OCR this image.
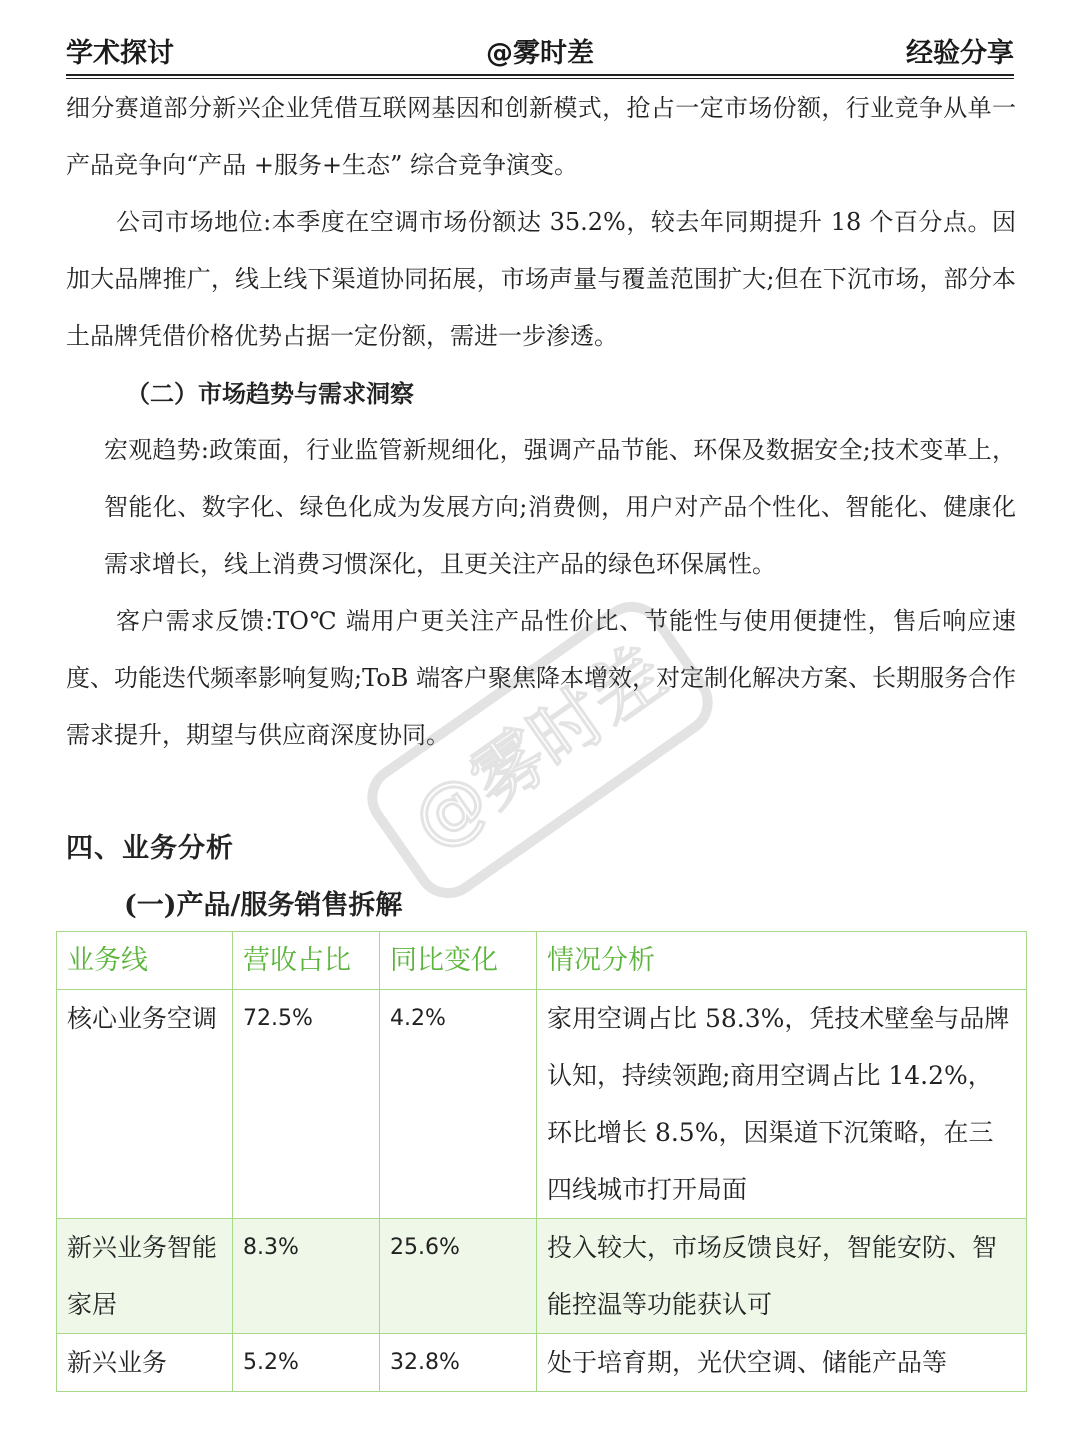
学术探讨	@雾时差	经验分享

细分赛道部分新兴企业凭借互联网基因和创新模式，抢占一定市场份额，行业竞争从单一产品竞争向“产品 +服务+生态” 综合竞争演变。

公司市场地位:本季度在空调市场份额达 35.2%，较去年同期提升 18 个百分点。因加大品牌推广，线上线下渠道协同拓展，市场声量与覆盖范围扩大;但在下沉市场，部分本土品牌凭借价格优势占据一定份额，需进一步渗透。

（二）市场趋势与需求洞察

宏观趋势:政策面，行业监管新规细化，强调产品节能、环保及数据安全;技术变革上，智能化、数字化、绿色化成为发展方向;消费侧，用户对产品个性化、智能化、健康化需求增长，线上消费习惯深化，且更关注产品的绿色环保属性。

客户需求反馈:TO℃ 端用户更关注产品性价比、节能性与使用便捷性，售后响应速度、功能迭代频率影响复购;ToB 端客户聚焦降本增效，对定制化解决方案、长期服务合作需求提升，期望与供应商深度协同。

四、业务分析
(一)产品/服务销售拆解
业务线	营收占比	同比变化	情况分析
核心业务空调	72.5%	4.2%	家用空调占比 58.3%，凭技术壁垒与品牌认知，持续领跑;商用空调占比 14.2%，环比增长 8.5%，因渠道下沉策略，在三四线城市打开局面
新兴业务智能家居	8.3%	25.6%	投入较大，市场反馈良好，智能安防、智能控温等功能获认可
新兴业务	5.2%	32.8%	处于培育期，光伏空调、储能产品等
@雾时差
